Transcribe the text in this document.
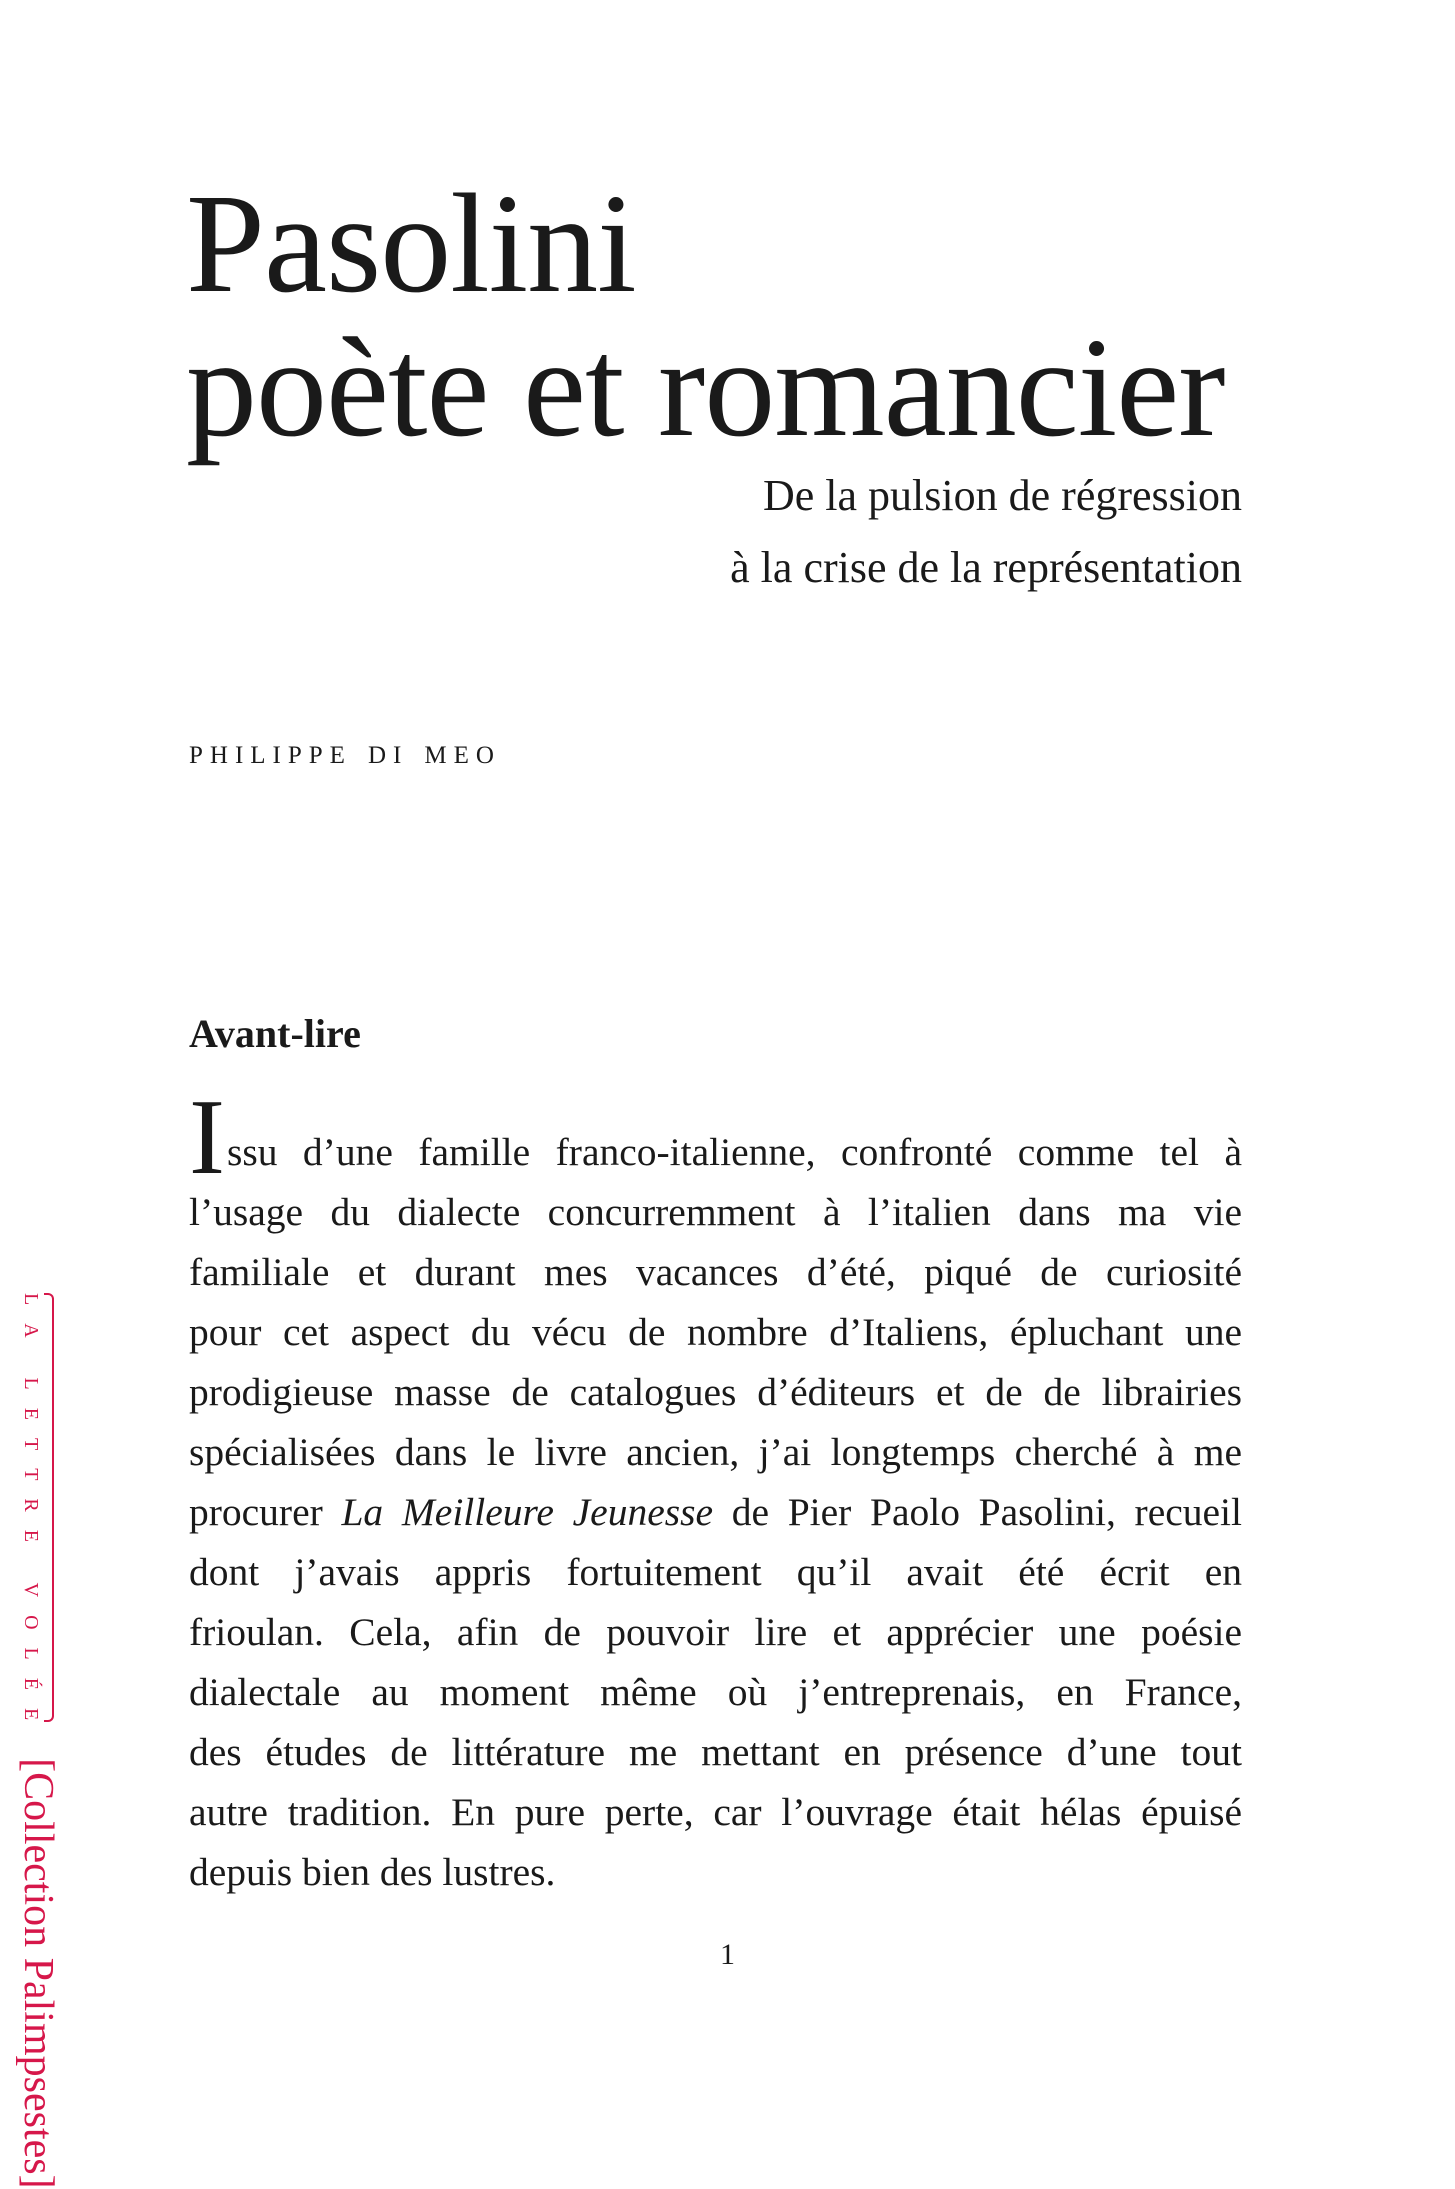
Pasolini
poète et romancier
De la pulsion de régression
à la crise de la représentation
philippe di meo
Avant-lire
I ssu d’une famille franco-italienne, confronté comme tel à
l’usage du dialecte concurremment à l’italien dans ma vie
familiale et durant mes vacances d’été, piqué de curiosité
pour cet aspect du vécu de nombre d’Italiens, épluchant une
prodigieuse masse de catalogues d’éditeurs et de de librairies
spécialisées dans le livre ancien, j’ai longtemps cherché à me
procurer La Meilleure Jeunesse de Pier Paolo Pasolini, recueil
dont j’avais appris fortuitement qu’il avait été écrit en
frioulan. Cela, afin de pouvoir lire et apprécier une poésie
dialectale au moment même où j’entreprenais, en France,
des études de littérature me mettant en présence d’une tout
autre tradition. En pure perte, car l’ouvrage était hélas épuisé
depuis bien des lustres.
1
LA LETTRE VOLÉE
[Collection Palimpsestes]
